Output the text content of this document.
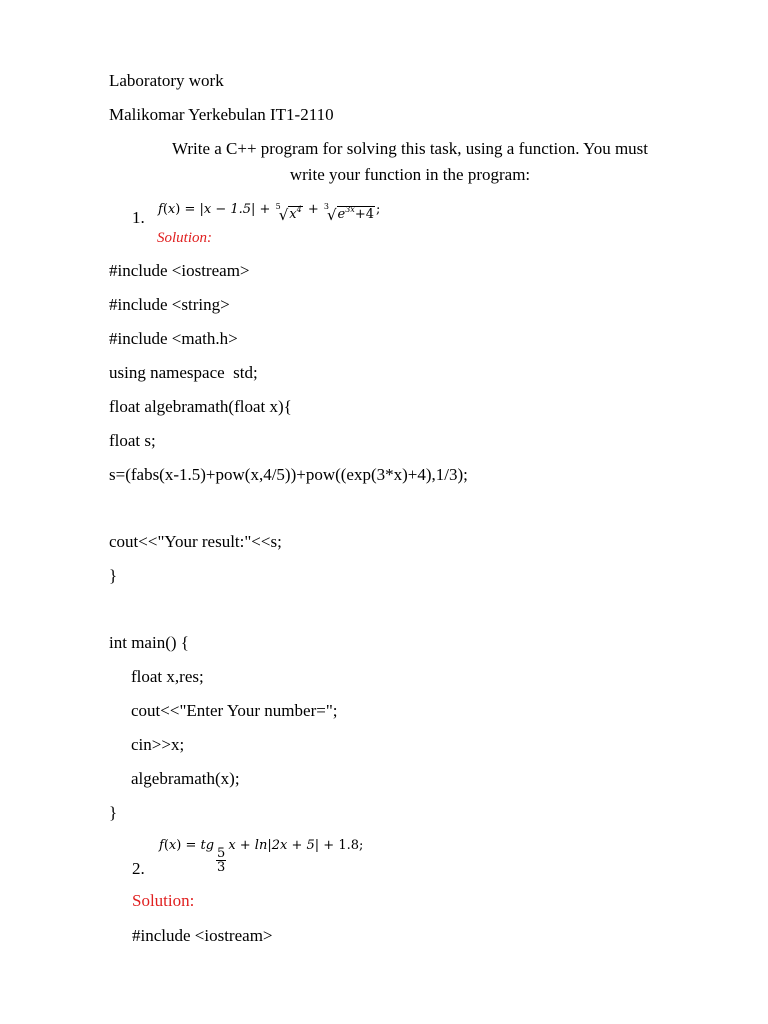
Laboratory work
Malikomar Yerkebulan IT1-2110
Write a C++ program for solving this task, using a function. You must
write your function in the program:
1. f ( x ) = | x − 1.5 | + 5
√ $x^4 + 3$
√ $e^{3x}+4$ ;
Solution:
#include <iostream>
#include <string>
#include <math.h>
using namespace  std;
float algebramath(float x){
float s;
s=(fabs(x-1.5)+pow(x,4/5))+pow((exp(3*x)+4),1/3);
cout<<"Your result:"<<s;
}
int main() {
float x,res;
cout<<"Enter Your number=";
cin>>x;
algebramath(x);
}
2.
f ( x ) = tg
$\frac{5}{3}$
x + ln | 2x + 5 |
+ 1.8;
Solution:
#include <iostream>
